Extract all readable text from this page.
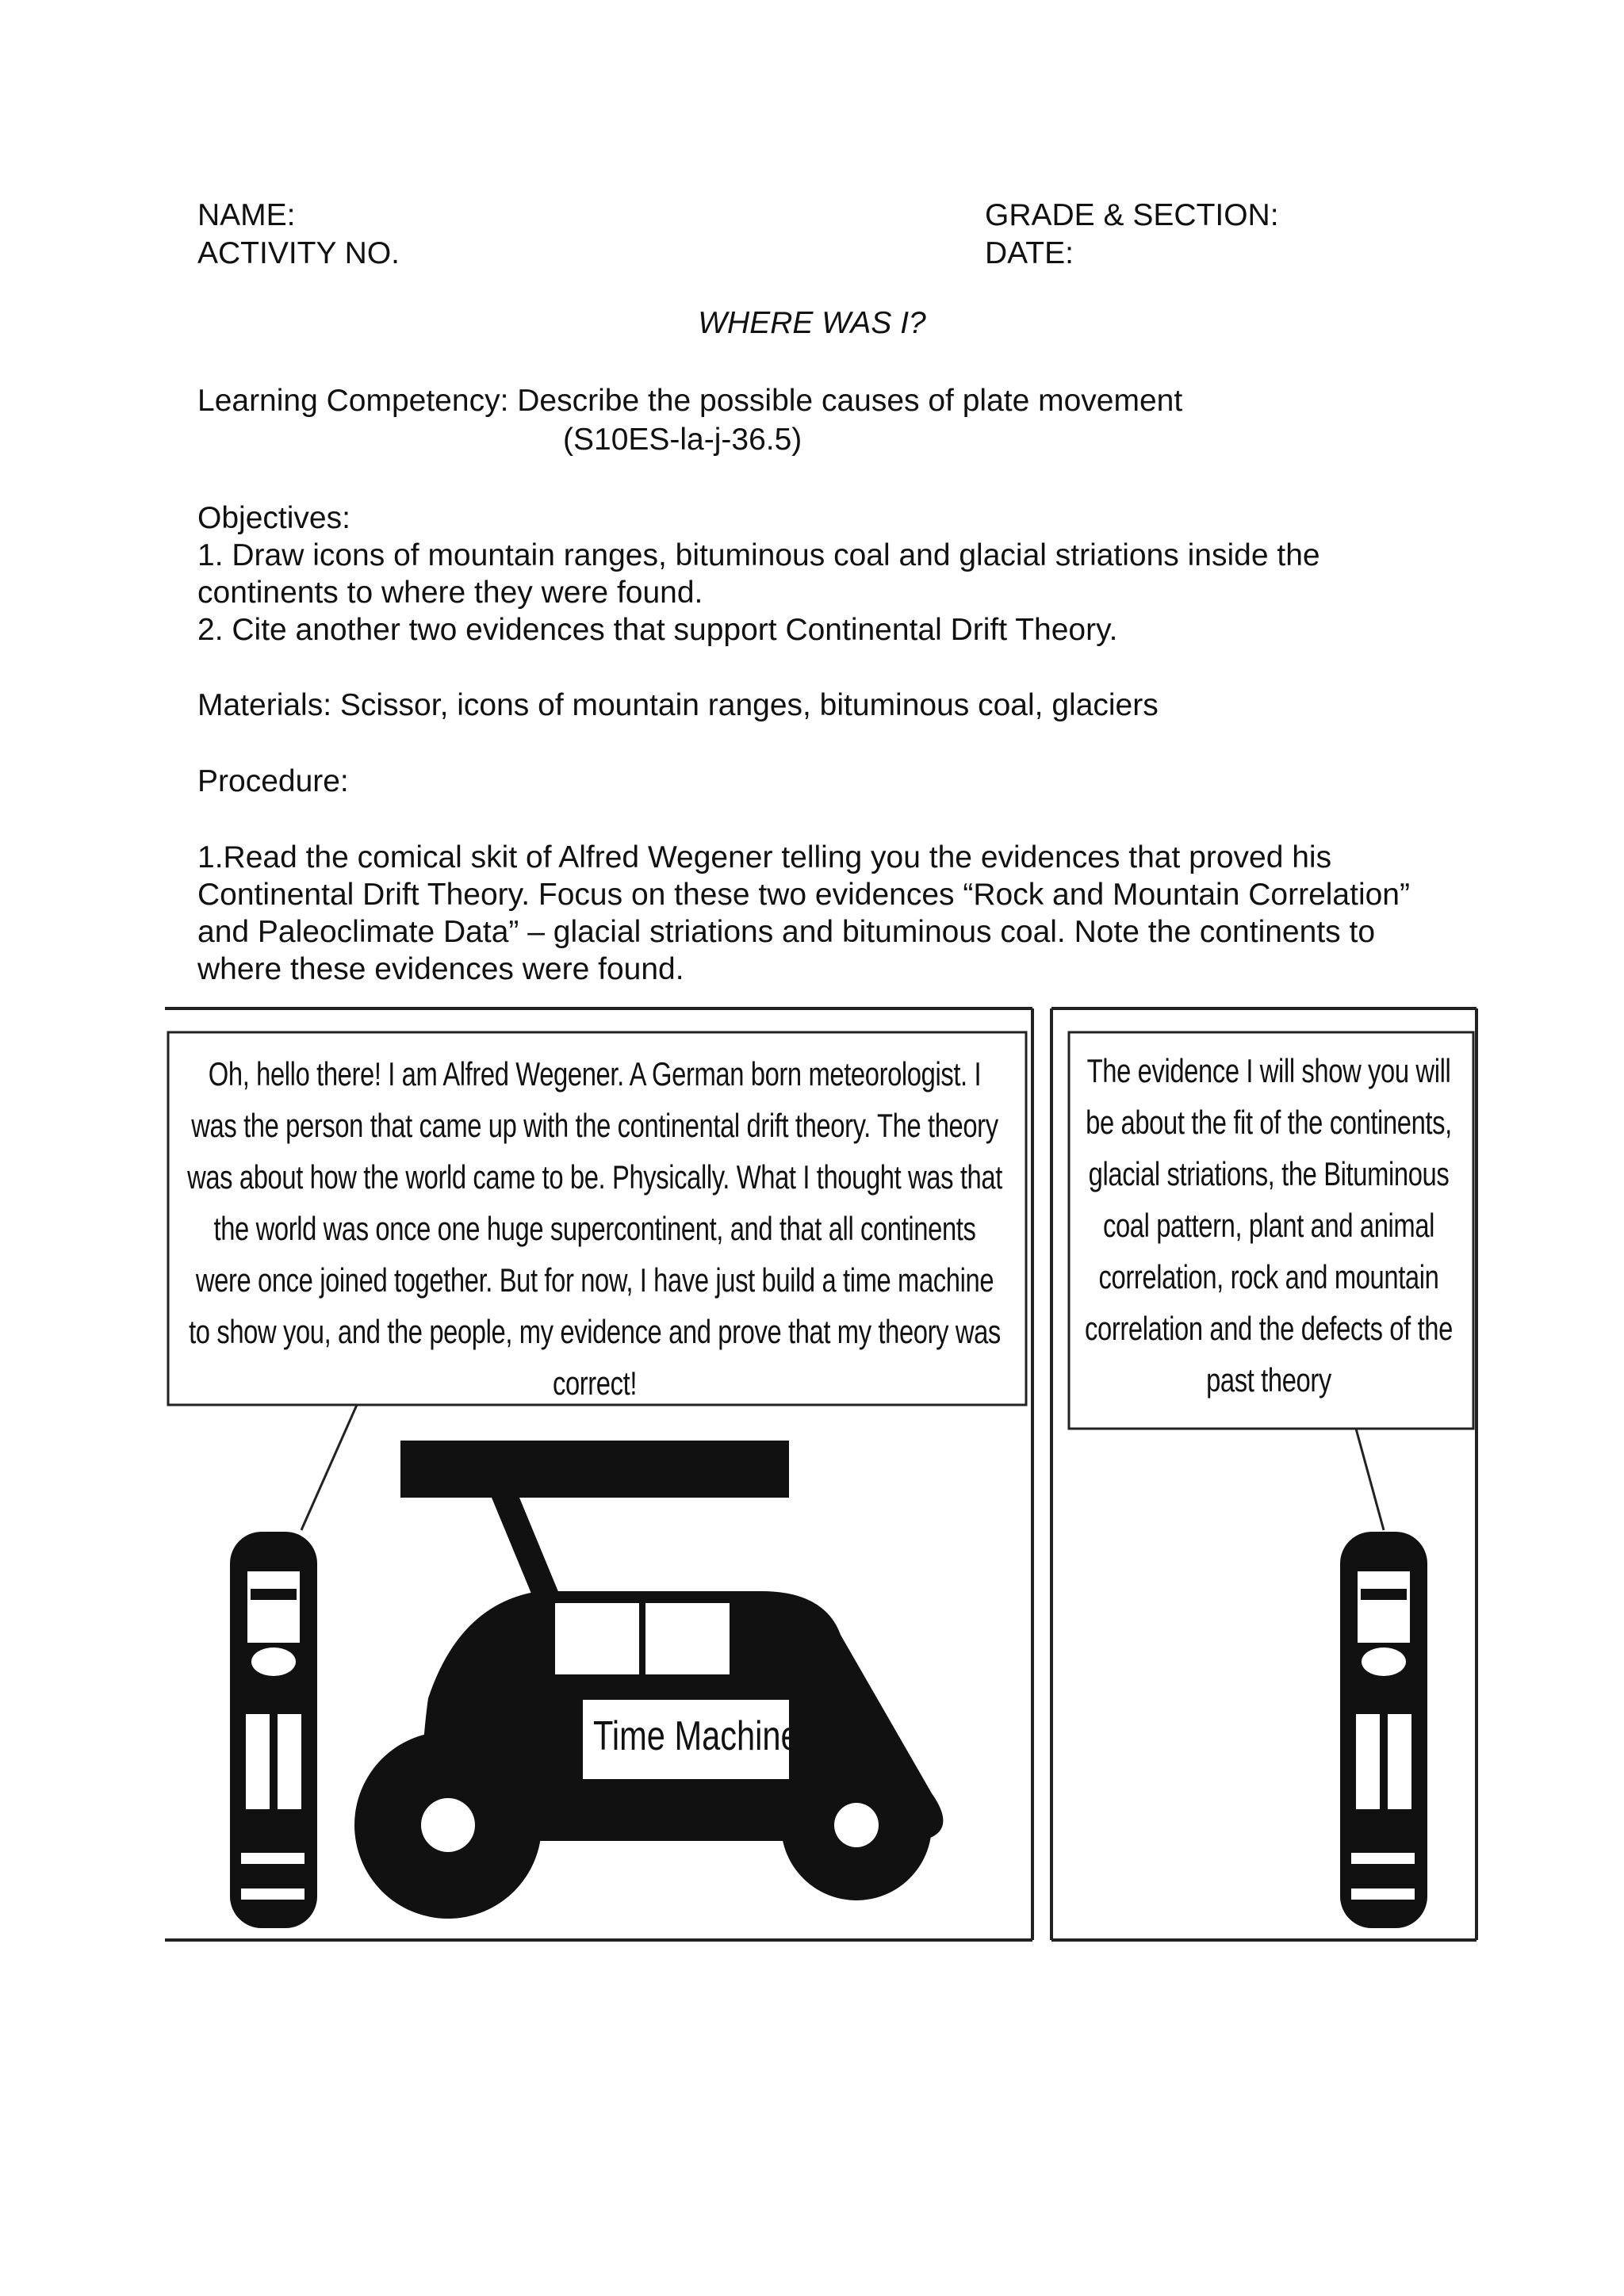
NAME:	GRADE & SECTION:
ACTIVITY NO.	DATE:
WHERE WAS I?
Learning Competency: Describe the possible causes of plate movement
(S10ES-la-j-36.5)
Objectives:
1. Draw icons of mountain ranges, bituminous coal and glacial striations inside the continents to where they were found.
2. Cite another two evidences that support Continental Drift Theory.
Materials: Scissor, icons of mountain ranges, bituminous coal, glaciers
Procedure:
1.Read the comical skit of Alfred Wegener telling you the evidences that proved his Continental Drift Theory. Focus on these two evidences “Rock and Mountain Correlation” and Paleoclimate Data” – glacial striations and bituminous coal. Note the continents to where these evidences were found.
Oh, hello there! I am Alfred Wegener. A German born meteorologist. I was the person that came up with the continental drift theory. The theory was about how the world came to be. Physically. What I thought was that the world was once one huge supercontinent, and that all continents were once joined together. But for now, I have just build a time machine to show you, and the people, my evidence and prove that my theory was correct!
The evidence I will show you will be about the fit of the continents, glacial striations, the Bituminous coal pattern, plant and animal correlation, rock and mountain correlation and the defects of the past theory
Time Machine
